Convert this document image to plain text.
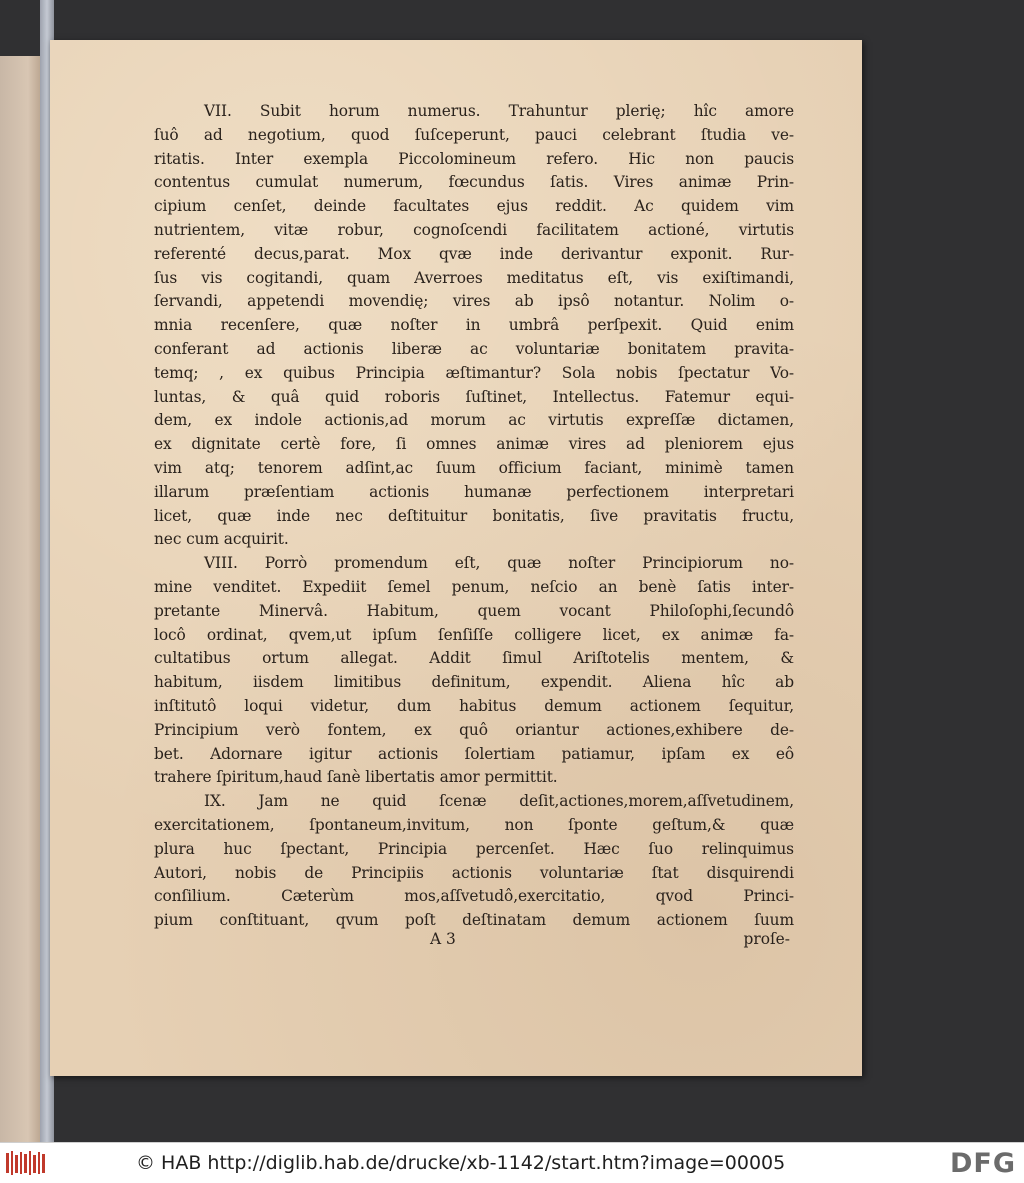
VII. Subit horum numerus. Trahuntur plerię; hîc amore
ſuô ad negotium, quod ſuſceperunt, pauci celebrant ſtudia ve-
ritatis. Inter exempla Piccolomineum refero. Hic non paucis
contentus cumulat numerum, fœcundus ſatis. Vires animæ Prin-
cipium cenſet, deinde facultates ejus reddit. Ac quidem vim
nutrientem, vitæ robur, cognoſcendi facilitatem actioné, virtutis
referenté decus,parat. Mox qvæ inde derivantur exponit. Rur-
ſus vis cogitandi, quam Averroes meditatus eſt, vis exiſtimandi,
ſervandi, appetendi movendię; vires ab ipsô notantur. Nolim o-
mnia recenſere, quæ noſter in umbrâ perſpexit. Quid enim
conferant ad actionis liberæ ac voluntariæ bonitatem pravita-
temq; , ex quibus Principia æſtimantur? Sola nobis ſpectatur Vo-
luntas, & quâ quid roboris ſuſtinet, Intellectus. Fatemur equi-
dem, ex indole actionis,ad morum ac virtutis expreſſæ dictamen,
ex dignitate certè fore, ſi omnes animæ vires ad pleniorem ejus
vim atq; tenorem adſint,ac ſuum officium faciant, minimè tamen
illarum præſentiam actionis humanæ perfectionem interpretari
licet, quæ inde nec deſtituitur bonitatis, ſive pravitatis fructu,
nec cum acquirit.
VIII. Porrò promendum eſt, quæ noſter Principiorum no-
mine venditet. Expediit ſemel penum, neſcio an benè ſatis inter-
pretante Minervâ. Habitum, quem vocant Philoſophi,ſecundô
locô ordinat, qvem,ut ipſum ſenſiſſe colligere licet, ex animæ fa-
cultatibus ortum allegat. Addit ſimul Ariſtotelis mentem, &
habitum, iisdem limitibus definitum, expendit. Aliena hîc ab
inſtitutô loqui videtur, dum habitus demum actionem ſequitur,
Principium verò fontem, ex quô oriantur actiones,exhibere de-
bet. Adornare igitur actionis ſolertiam patiamur, ipſam ex eô
trahere ſpiritum,haud ſanè libertatis amor permittit.
IX. Jam ne quid ſcenæ deſit,actiones,morem,aſſvetudinem,
exercitationem, ſpontaneum,invitum, non ſponte geſtum,& quæ
plura huc ſpectant, Principia percenſet. Hæc ſuo relinquimus
Autori, nobis de Principiis actionis voluntariæ ſtat disquirendi
conſilium. Cæterùm mos,aſſvetudô,exercitatio, qvod Princi-
pium conſtituant, qvum poſt deſtinatam demum actionem ſuum
A 3	proſe-
© HAB http://diglib.hab.de/drucke/xb-1142/start.htm?image=00005	DFG
